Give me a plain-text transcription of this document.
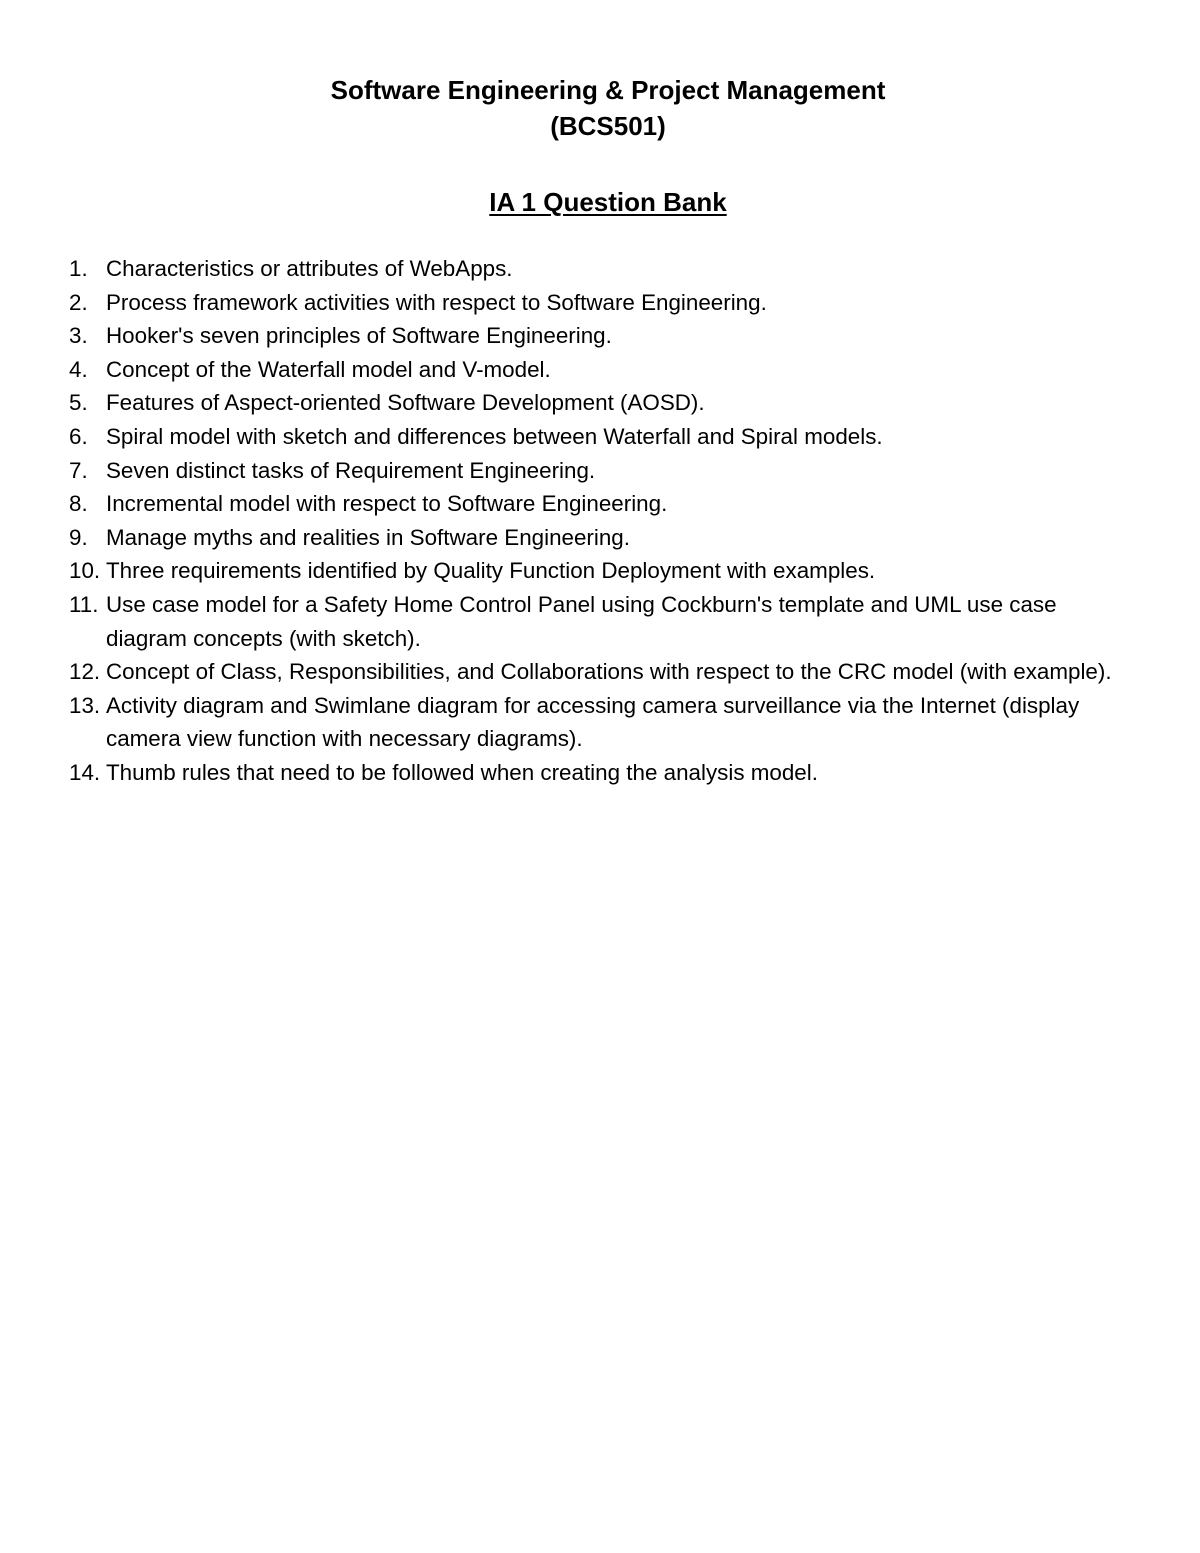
Software Engineering & Project Management

(BCS501)

IA 1 Question Bank

1. Characteristics or attributes of WebApps.
2. Process framework activities with respect to Software Engineering.
3. Hooker's seven principles of Software Engineering.
4. Concept of the Waterfall model and V-model.
5. Features of Aspect-oriented Software Development (AOSD).
6. Spiral model with sketch and differences between Waterfall and Spiral models.
7. Seven distinct tasks of Requirement Engineering.
8. Incremental model with respect to Software Engineering.
9. Manage myths and realities in Software Engineering.
10. Three requirements identified by Quality Function Deployment with examples.
11. Use case model for a Safety Home Control Panel using Cockburn's template and UML use case diagram concepts (with sketch).
12. Concept of Class, Responsibilities, and Collaborations with respect to the CRC model (with example).
13. Activity diagram and Swimlane diagram for accessing camera surveillance via the Internet (display camera view function with necessary diagrams).
14. Thumb rules that need to be followed when creating the analysis model.
